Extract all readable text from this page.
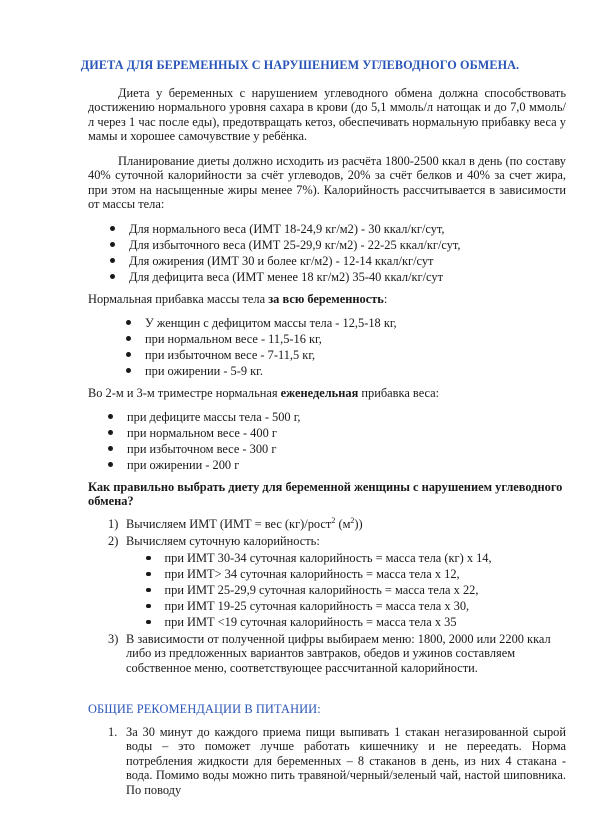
ДИЕТА ДЛЯ БЕРЕМЕННЫХ С НАРУШЕНИЕМ УГЛЕВОДНОГО ОБМЕНА.
Диета у беременных с нарушением углеводного обмена должна способствовать достижению нормального уровня сахара в крови (до 5,1 ммоль/л натощак и до 7,0 ммоль/л через 1 час после еды), предотвращать кетоз, обеспечивать нормальную прибавку веса у мамы и хорошее самочувствие у ребёнка.
Планирование диеты должно исходить из расчёта 1800-2500 ккал в день (по составу 40% суточной калорийности за счёт углеводов, 20% за счёт белков и 40% за счет жира, при этом на насыщенные жиры менее 7%). Калорийность рассчитывается в зависимости от массы тела:
Для нормального веса (ИМТ 18-24,9 кг/м2) - 30 ккал/кг/сут,
Для избыточного веса (ИМТ 25-29,9 кг/м2) - 22-25 ккал/кг/сут,
Для ожирения (ИМТ 30 и более кг/м2) - 12-14 ккал/кг/сут
Для дефицита веса (ИМТ менее 18 кг/м2) 35-40 ккал/кг/сут
Нормальная прибавка массы тела за всю беременность:
У женщин с дефицитом массы тела - 12,5-18 кг,
при нормальном весе - 11,5-16 кг,
при избыточном весе - 7-11,5 кг,
при ожирении - 5-9 кг.
Во 2-м и 3-м триместре нормальная еженедельная прибавка веса:
при дефиците массы тела - 500 г,
при нормальном весе - 400 г
при избыточном весе - 300 г
при ожирении - 200 г
Как правильно выбрать диету для беременной женщины с нарушением углеводного обмена?
1) Вычисляем ИМТ (ИМТ = вес (кг)/рост$^2$ $(м^2)$)
2) Вычисляем суточную калорийность:
при ИМТ 30-34 суточная калорийность = масса тела (кг) х 14,
при ИМТ> 34 суточная калорийность = масса тела х 12,
при ИМТ 25-29,9 суточная калорийность = масса тела х 22,
при ИМТ 19-25 суточная калорийность = масса тела х 30,
при ИМТ <19 суточная калорийность = масса тела х 35
3) В зависимости от полученной цифры выбираем меню: 1800, 2000 или 2200 ккал либо из предложенных вариантов завтраков, обедов и ужинов составляем собственное меню, соответствующее рассчитанной калорийности.
ОБЩИЕ РЕКОМЕНДАЦИИ В ПИТАНИИ:
1. За 30 минут до каждого приема пищи выпивать 1 стакан негазированной сырой воды – это поможет лучше работать кишечнику и не переедать. Норма потребления жидкости для беременных – 8 стаканов в день, из них 4 стакана - вода. Помимо воды можно пить травяной/черный/зеленый чай, настой шиповника. По поводу
